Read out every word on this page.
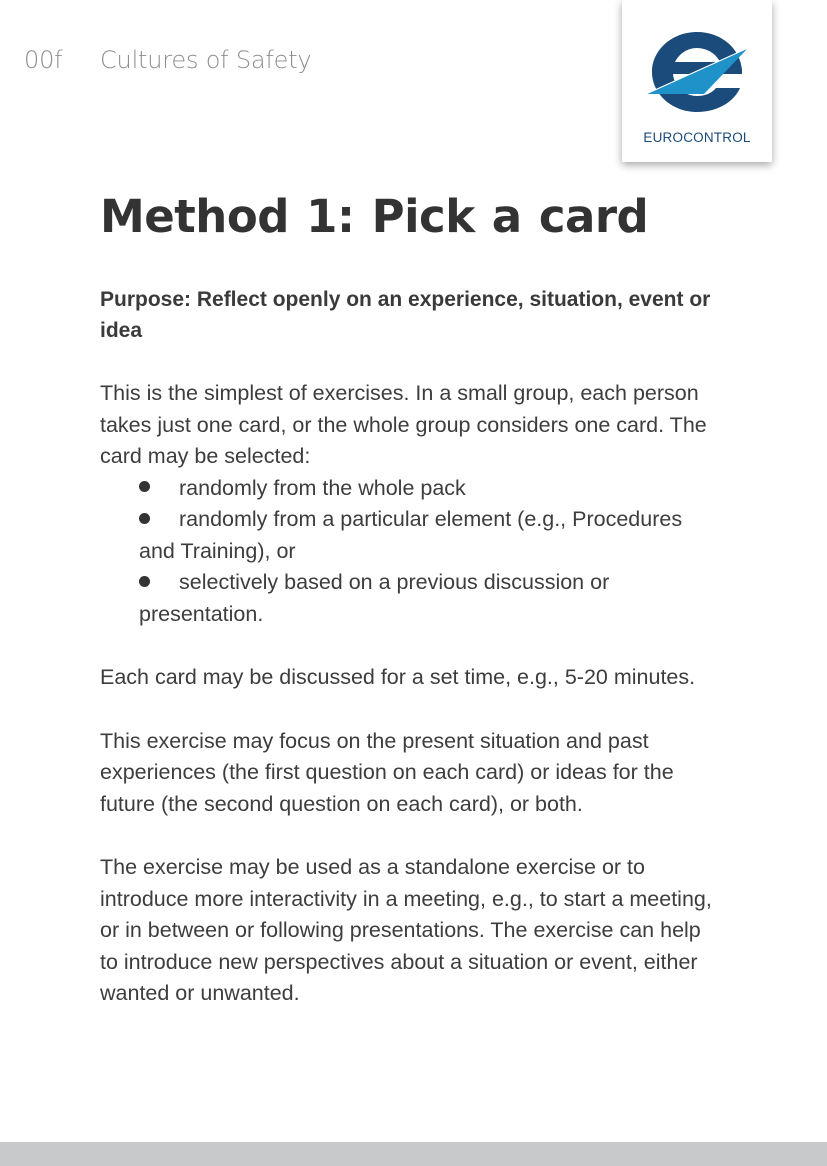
00f	Cultures of Safety
EUROCONTROL
Method 1: Pick a card
Purpose: Reflect openly on an experience, situation, event or idea
This is the simplest of exercises. In a small group, each person takes just one card, or the whole group considers one card. The card may be selected:
randomly from the whole pack
randomly from a particular element (e.g., Procedures and Training), or
selectively based on a previous discussion or presentation.
Each card may be discussed for a set time, e.g., 5-20 minutes.
This exercise may focus on the present situation and past experiences (the first question on each card) or ideas for the future (the second question on each card), or both.
The exercise may be used as a standalone exercise or to introduce more interactivity in a meeting, e.g., to start a meeting, or in between or following presentations. The exercise can help to introduce new perspectives about a situation or event, either wanted or unwanted.
